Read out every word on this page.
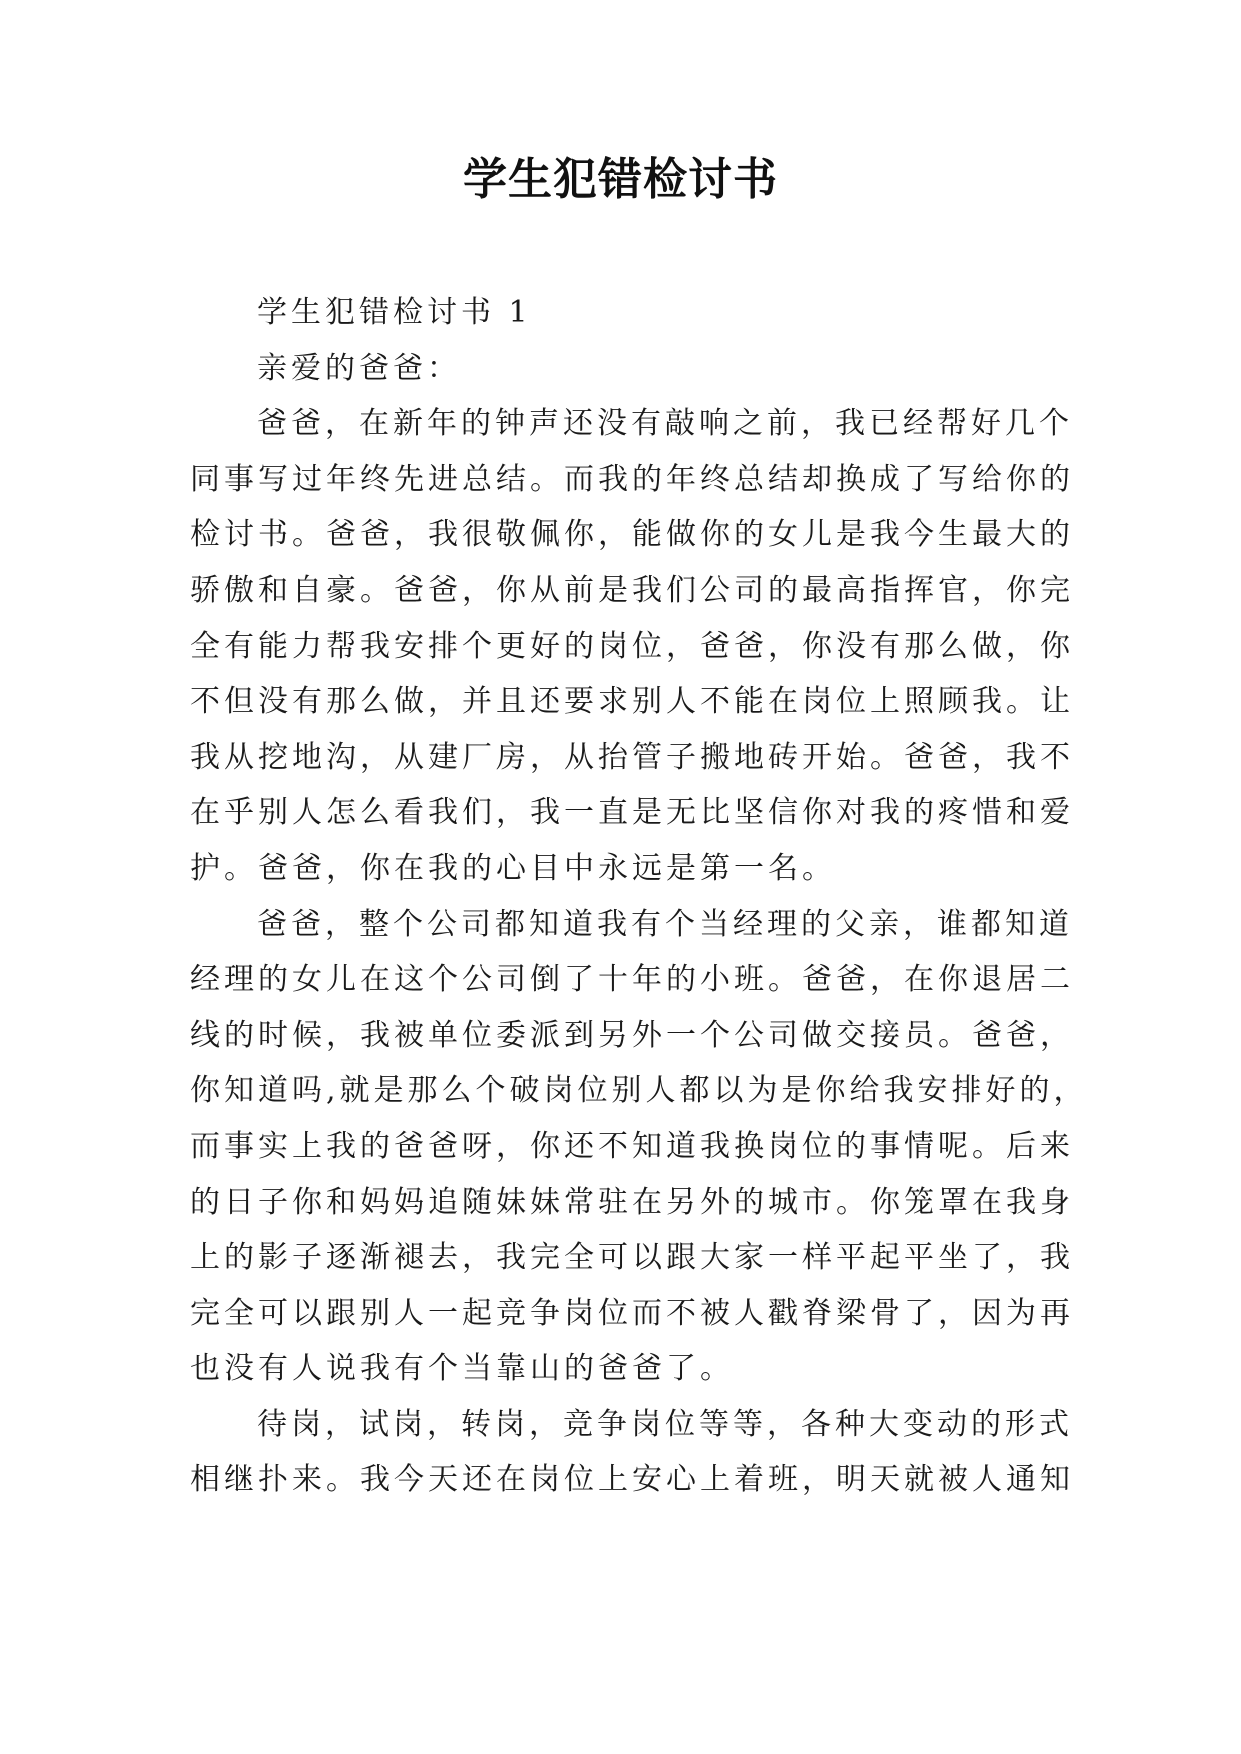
学生犯错检讨书
学生犯错检讨书 1
亲爱的爸爸：
爸爸，在新年的钟声还没有敲响之前，我已经帮好几个
同事写过年终先进总结。而我的年终总结却换成了写给你的
检讨书。爸爸，我很敬佩你，能做你的女儿是我今生最大的
骄傲和自豪。爸爸，你从前是我们公司的最高指挥官，你完
全有能力帮我安排个更好的岗位，爸爸，你没有那么做，你
不但没有那么做，并且还要求别人不能在岗位上照顾我。让
我从挖地沟，从建厂房，从抬管子搬地砖开始。爸爸，我不
在乎别人怎么看我们，我一直是无比坚信你对我的疼惜和爱
护。爸爸，你在我的心目中永远是第一名。
爸爸，整个公司都知道我有个当经理的父亲，谁都知道
经理的女儿在这个公司倒了十年的小班。爸爸，在你退居二
线的时候，我被单位委派到另外一个公司做交接员。爸爸，
你知道吗,就是那么个破岗位别人都以为是你给我安排好的，
而事实上我的爸爸呀，你还不知道我换岗位的事情呢。后来
的日子你和妈妈追随妹妹常驻在另外的城市。你笼罩在我身
上的影子逐渐褪去，我完全可以跟大家一样平起平坐了，我
完全可以跟别人一起竞争岗位而不被人戳脊梁骨了，因为再
也没有人说我有个当靠山的爸爸了。
待岗，试岗，转岗，竞争岗位等等，各种大变动的形式
相继扑来。我今天还在岗位上安心上着班，明天就被人通知
